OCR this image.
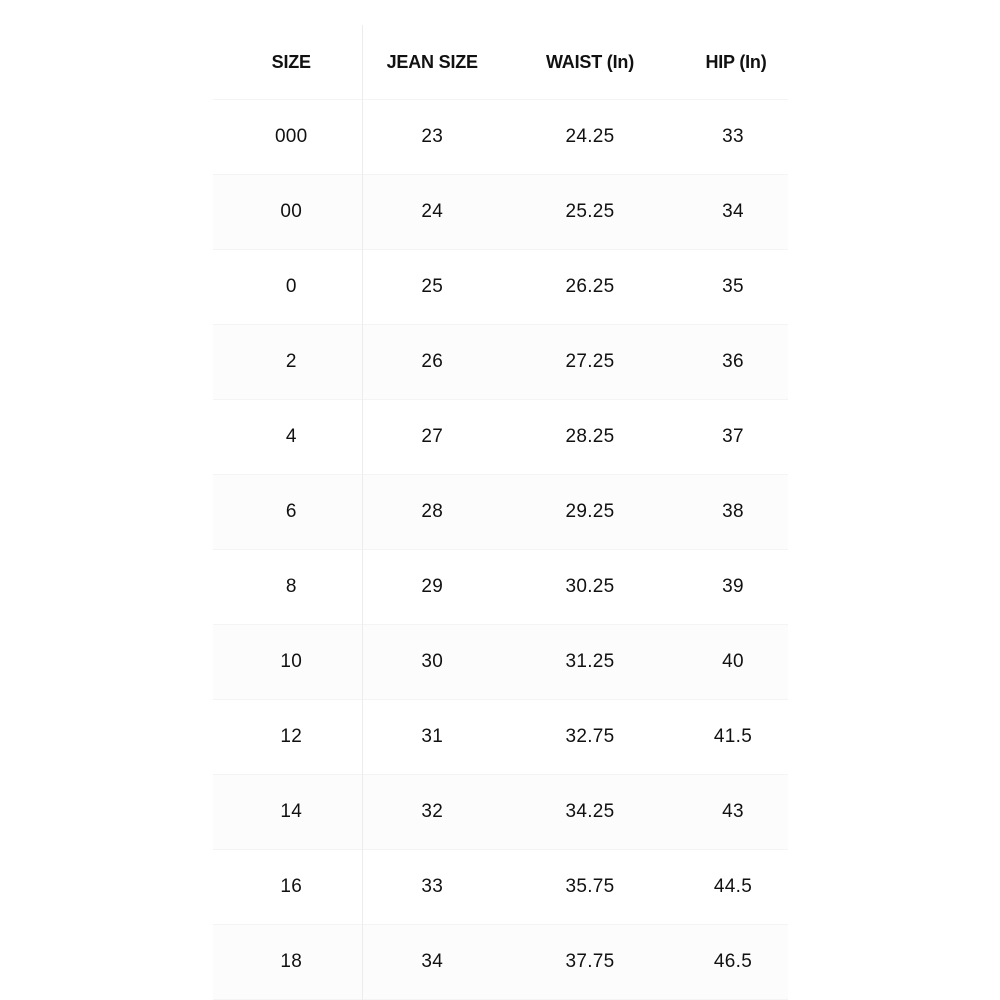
SIZE	JEAN SIZE	WAIST (In)	HIP (In)
000	23	24.25	33
00	24	25.25	34
0	25	26.25	35
2	26	27.25	36
4	27	28.25	37
6	28	29.25	38
8	29	30.25	39
10	30	31.25	40
12	31	32.75	41.5
14	32	34.25	43
16	33	35.75	44.5
18	34	37.75	46.5
